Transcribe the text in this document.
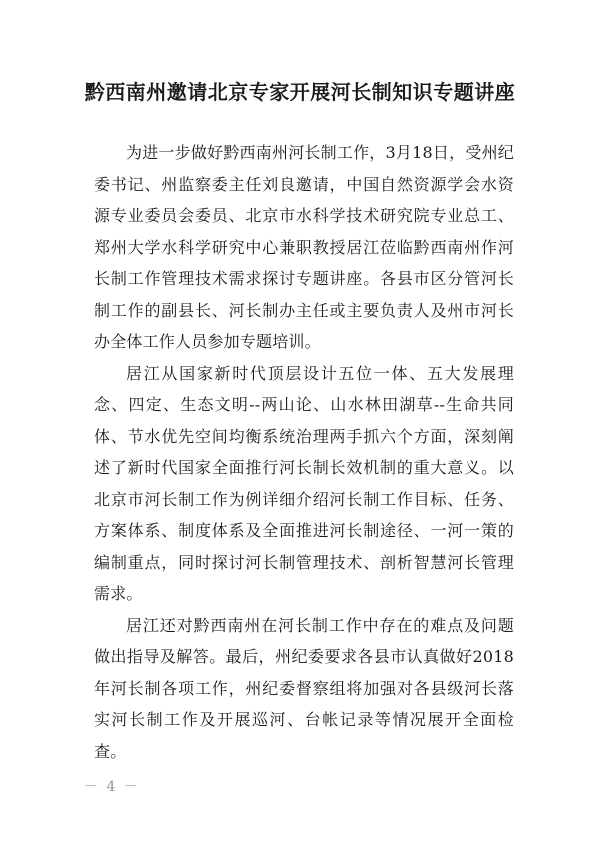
黔西南州邀请北京专家开展河长制知识专题讲座

为进一步做好黔西南州河长制工作，3月18日，受州纪委书记、州监察委主任刘良邀请，中国自然资源学会水资源专业委员会委员、北京市水科学技术研究院专业总工、郑州大学水科学研究中心兼职教授居江莅临黔西南州作河长制工作管理技术需求探讨专题讲座。各县市区分管河长制工作的副县长、河长制办主任或主要负责人及州市河长办全体工作人员参加专题培训。

居江从国家新时代顶层设计五位一体、五大发展理念、四定、生态文明--两山论、山水林田湖草--生命共同体、节水优先空间均衡系统治理两手抓六个方面，深刻阐述了新时代国家全面推行河长制长效机制的重大意义。以北京市河长制工作为例详细介绍河长制工作目标、任务、方案体系、制度体系及全面推进河长制途径、一河一策的编制重点，同时探讨河长制管理技术、剖析智慧河长管理需求。

居江还对黔西南州在河长制工作中存在的难点及问题做出指导及解答。最后，州纪委要求各县市认真做好2018年河长制各项工作，州纪委督察组将加强对各县级河长落实河长制工作及开展巡河、台帐记录等情况展开全面检查。

－ 4 －
